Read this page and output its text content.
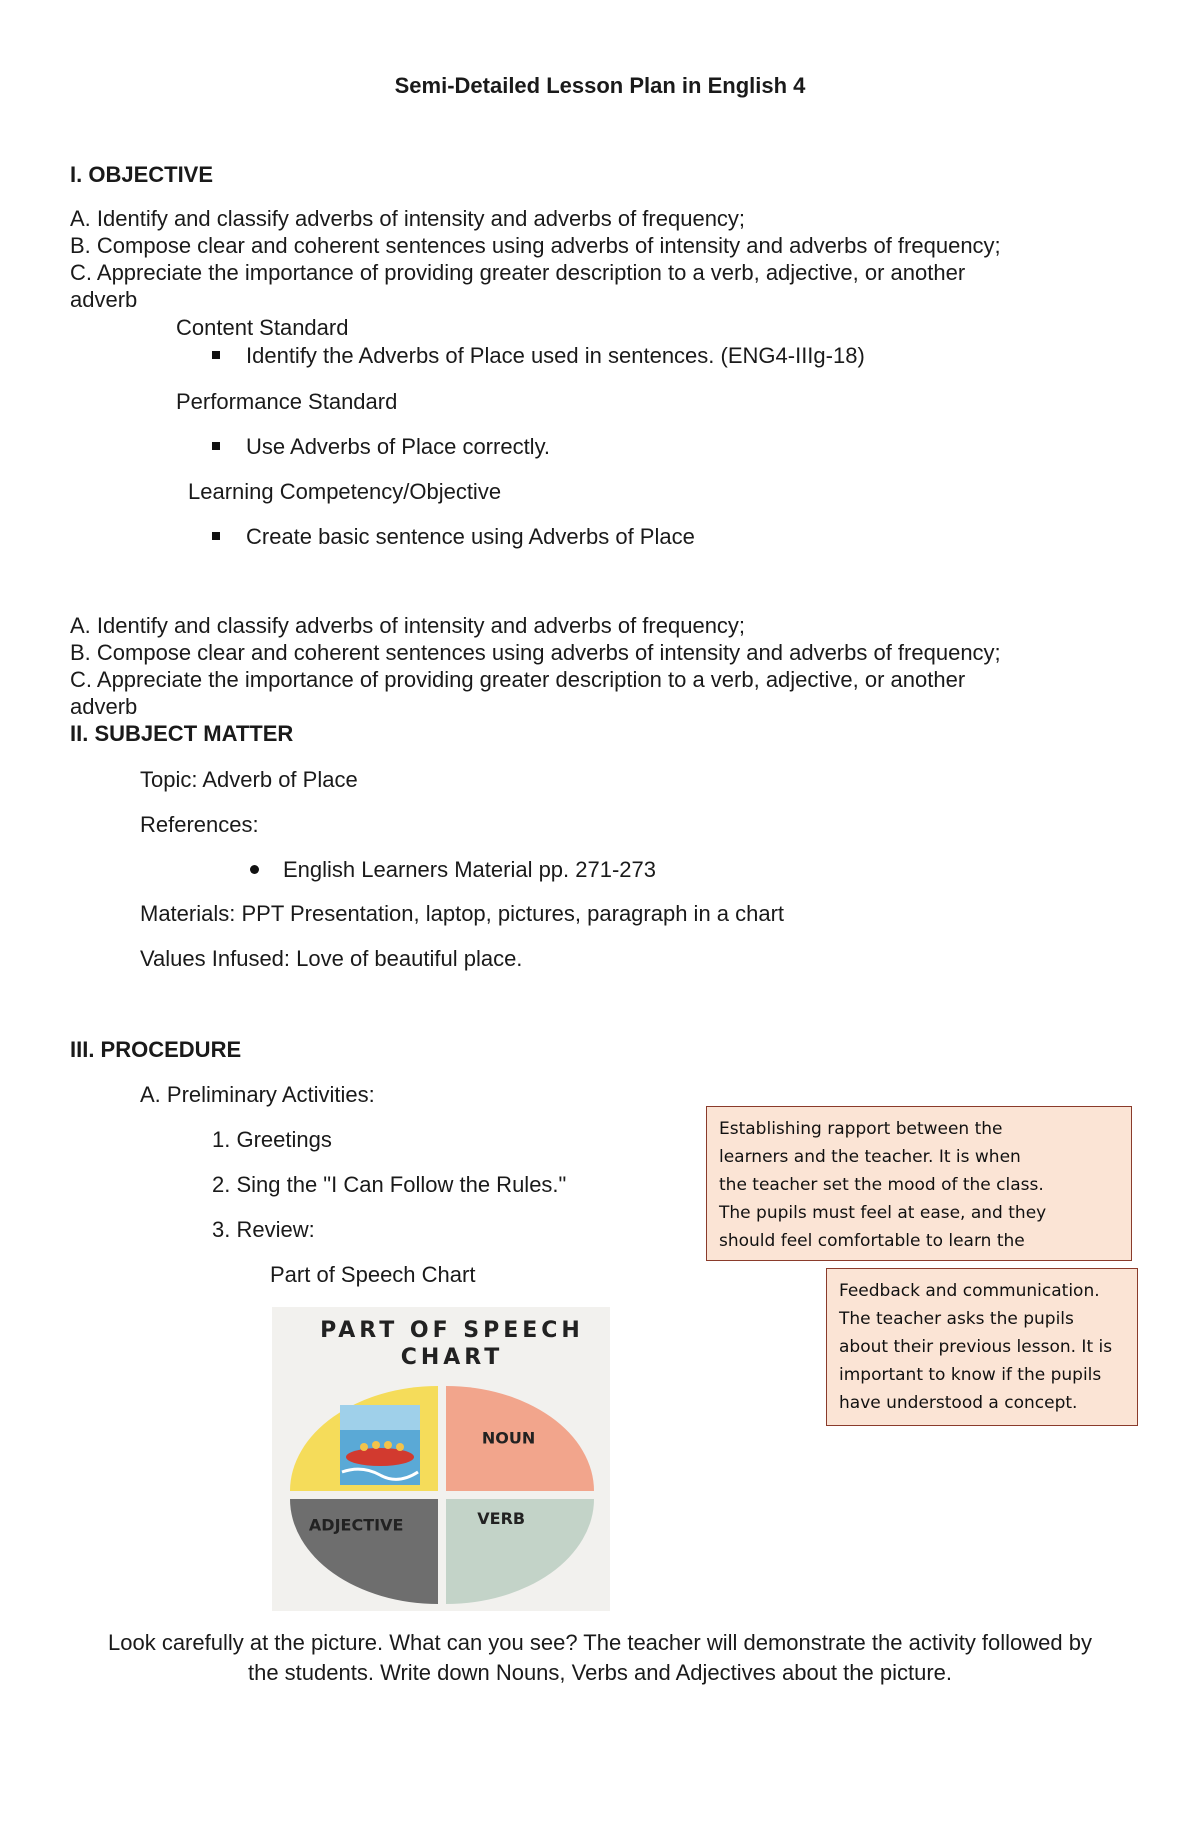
Semi-Detailed Lesson Plan in English 4
I. OBJECTIVE
A. Identify and classify adverbs of intensity and adverbs of frequency;
B. Compose clear and coherent sentences using adverbs of intensity and adverbs of frequency;
C. Appreciate the importance of providing greater description to a verb, adjective, or another
adverb
Content Standard
Identify the Adverbs of Place used in sentences. (ENG4-IIIg-18)
Performance Standard
Use Adverbs of Place correctly.
Learning Competency/Objective
Create basic sentence using Adverbs of Place
A. Identify and classify adverbs of intensity and adverbs of frequency;
B. Compose clear and coherent sentences using adverbs of intensity and adverbs of frequency;
C. Appreciate the importance of providing greater description to a verb, adjective, or another
adverb
II. SUBJECT MATTER
Topic: Adverb of Place
References:
English Learners Material pp. 271-273
Materials: PPT Presentation, laptop, pictures, paragraph in a chart
Values Infused: Love of beautiful place.
III. PROCEDURE
A. Preliminary Activities:
1. Greetings
2. Sing the "I Can Follow the Rules."
3. Review:
Part of Speech Chart
Establishing rapport between the
learners and the teacher. It is when
the teacher set the mood of the class.
The pupils must feel at ease, and they
should feel comfortable to learn the
Feedback and communication.
The teacher asks the pupils
about their previous lesson. It is
important to know if the pupils
have understood a concept.
PART OF SPEECH
CHART
NOUN
VERB
ADJECTIVE
Look carefully at the picture. What can you see? The teacher will demonstrate the activity followed by
the students. Write down Nouns, Verbs and Adjectives about the picture.
